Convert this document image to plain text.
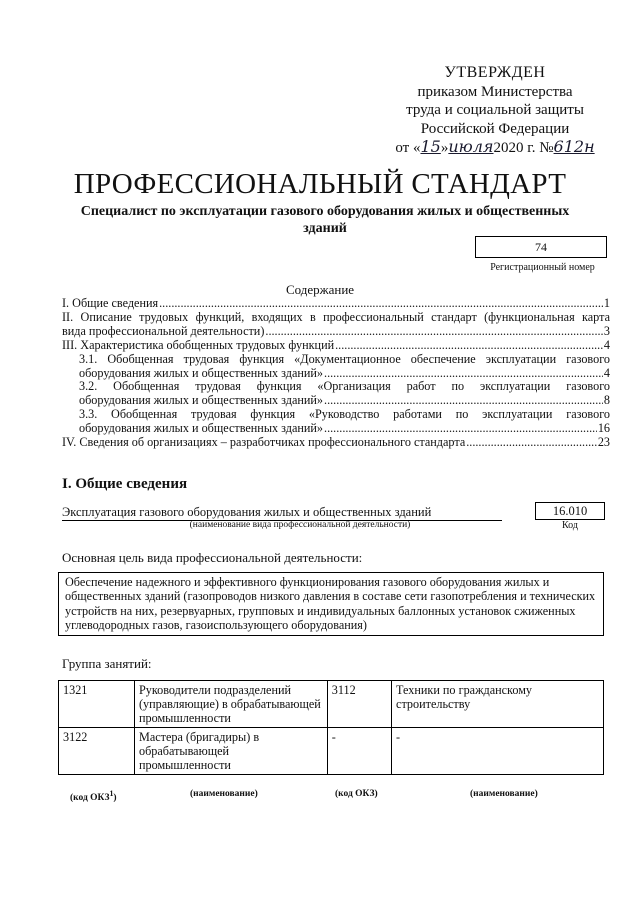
УТВЕРЖДЕН
приказом Министерства
труда и социальной защиты
Российской Федерации
от «15»июля2020 г. №612н
ПРОФЕССИОНАЛЬНЫЙ СТАНДАРТ
Специалист по эксплуатации газового оборудования жилых и общественных зданий
74
Регистрационный номер
Содержание
I. Общие сведения .....	1
II. Описание трудовых функций, входящих в профессиональный стандарт (функциональная карта
вида профессиональной деятельности) .....	3
III. Характеристика обобщенных трудовых функций .....	4
3.1. Обобщенная трудовая функция «Документационное обеспечение эксплуатации газового
оборудования жилых и общественных зданий» .....	4
3.2. Обобщенная трудовая функция «Организация работ по эксплуатации газового
оборудования жилых и общественных зданий» .....	8
3.3. Обобщенная трудовая функция «Руководство работами по эксплуатации газового
оборудования жилых и общественных зданий» .....	16
IV. Сведения об организациях – разработчиках профессионального стандарта .....	23
I. Общие сведения
Эксплуатация газового оборудования жилых и общественных зданий
(наименование вида профессиональной деятельности)
16.010
Код
Основная цель вида профессиональной деятельности:
Обеспечение надежного и эффективного функционирования газового оборудования жилых и общественных зданий (газопроводов низкого давления в составе сети газопотребления и технических устройств на них, резервуарных, групповых и индивидуальных баллонных установок сжиженных углеводородных газов, газоиспользующего оборудования)
Группа занятий:
1321	Руководители подразделений (управляющие) в обрабатывающей промышленности	3112	Техники по гражданскому строительству
3122	Мастера (бригадиры) в обрабатывающей промышленности	-	-
(код ОКЗ$^1$)	(наименование)	(код ОКЗ)	(наименование)
